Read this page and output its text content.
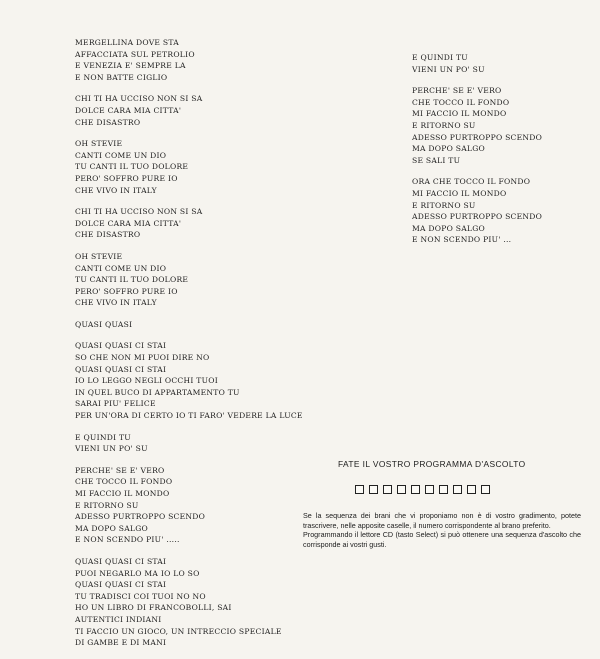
MERGELLINA DOVE STA
AFFACCIATA SUL PETROLIO
E VENEZIA E' SEMPRE LA
E NON BATTE CIGLIO
CHI TI HA UCCISO NON SI SA
DOLCE CARA MIA CITTA'
CHE DISASTRO
OH STEVIE
CANTI COME UN DIO
TU CANTI IL TUO DOLORE
PERO' SOFFRO PURE IO
CHE VIVO IN ITALY
CHI TI HA UCCISO NON SI SA
DOLCE CARA MIA CITTA'
CHE DISASTRO
OH STEVIE
CANTI COME UN DIO
TU CANTI IL TUO DOLORE
PERO' SOFFRO PURE IO
CHE VIVO IN ITALY
QUASI QUASI
QUASI QUASI CI STAI
SO CHE NON MI PUOI DIRE NO
QUASI QUASI CI STAI
IO LO LEGGO NEGLI OCCHI TUOI
IN QUEL BUCO DI APPARTAMENTO TU
SARAI PIU' FELICE
PER UN'ORA DI CERTO IO TI FARO' VEDERE LA LUCE
E QUINDI TU
VIENI UN PO' SU
PERCHE' SE E' VERO
CHE TOCCO IL FONDO
MI FACCIO IL MONDO
E RITORNO SU
ADESSO PURTROPPO SCENDO
MA DOPO SALGO
E NON SCENDO PIU' .....
QUASI QUASI CI STAI
PUOI NEGARLO MA IO LO SO
QUASI QUASI CI STAI
TU TRADISCI COI TUOI NO NO
HO UN LIBRO DI FRANCOBOLLI, SAI
AUTENTICI INDIANI
TI FACCIO UN GIOCO, UN INTRECCIO SPECIALE
DI GAMBE E DI MANI
E QUINDI TU
VIENI UN PO' SU
PERCHE' SE E' VERO
CHE TOCCO IL FONDO
MI FACCIO IL MONDO
E RITORNO SU
ADESSO PURTROPPO SCENDO
MA DOPO SALGO
SE SALI TU
ORA CHE TOCCO IL FONDO
MI FACCIO IL MONDO
E RITORNO SU
ADESSO PURTROPPO SCENDO
MA DOPO SALGO
E NON SCENDO PIU' ...
FATE IL VOSTRO PROGRAMMA D'ASCOLTO

Se la sequenza dei brani che vi proponiamo non è di vostro gradimento, potete trascrivere, nelle apposite caselle, il numero corrispondente al brano preferito.

Programmando il lettore CD (tasto Select) si può ottenere una sequenza d'ascolto che corrisponde ai vostri gusti.
